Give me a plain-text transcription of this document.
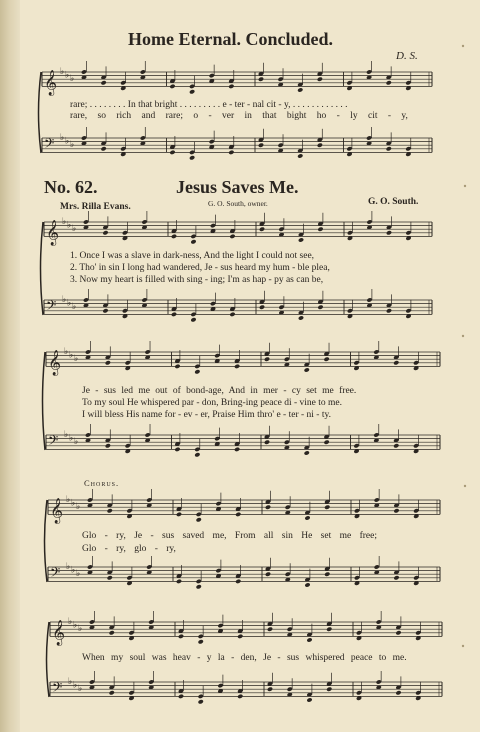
𝄞 ♭ ♭ ♭
𝄢 ♭ ♭ ♭
𝄞 ♭ ♭ ♭
𝄢 ♭ ♭ ♭
𝄞 ♭ ♭ ♭
𝄢 ♭ ♭ ♭
𝄞 ♭ ♭ ♭
𝄢 ♭ ♭ ♭
𝄞 ♭ ♭ ♭
𝄢 ♭ ♭ ♭
Home Eternal. Concluded.
D. S.
rare; . . . . . . . . In that bright . . . . . . . . . e - ter - nal cit - y, . . . . . . . . . . . .
rare, so rich and rare; o - ver in that bight ho - ly cit - y,
No. 62.	Jesus Saves Me.
Mrs. Rilla Evans.	G. O. South, owner.	G. O. South.
1. Once I was a slave in dark-ness, And the light I could not see,
2. Tho' in sin I long had wandered, Je - sus heard my hum - ble plea,
3. Now my heart is filled with sing - ing; I'm as hap - py as can be,
Je - sus led me out of bond-age, And in mer - cy set me free.
To my soul He whispered par - don, Bring-ing peace di - vine to me.
I will bless His name for - ev - er, Praise Him thro' e - ter - ni - ty.
Chorus.
Glo - ry, Je - sus saved me, From all sin He set me free;
Glo - ry, glo - ry,
When my soul was heav - y la - den, Je - sus whispered peace to me.
